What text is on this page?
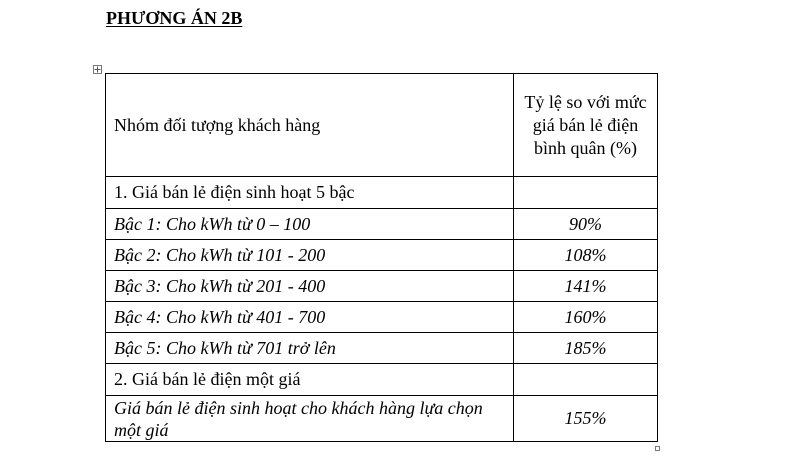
PHƯƠNG ÁN 2B
Nhóm đối tượng khách hàng	Tỷ lệ so với mức giá bán lẻ điện bình quân (%)
1. Giá bán lẻ điện sinh hoạt 5 bậc	
Bậc 1: Cho kWh từ 0 – 100	90%
Bậc 2: Cho kWh từ 101 - 200	108%
Bậc 3: Cho kWh từ 201 - 400	141%
Bậc 4: Cho kWh từ 401 - 700	160%
Bậc 5: Cho kWh từ 701 trở lên	185%
2. Giá bán lẻ điện một giá	
Giá bán lẻ điện sinh hoạt cho khách hàng lựa chọn một giá	155%
